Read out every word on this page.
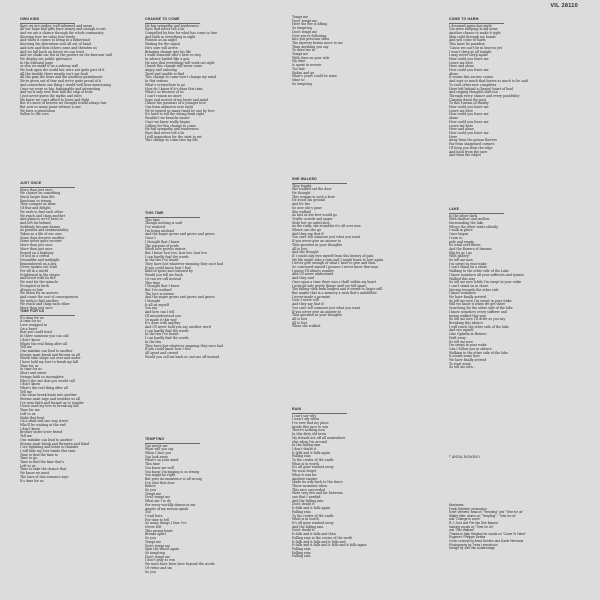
VIL 28110
OWN KIND
Boys we are gather, well informed and mean
All our hope and gifts have money and enough to eat
And we are a chance through the whole community
Showing how we value how lovely
And when it comes to living in a fatherland
Knowing the aberration sent all out of hand
And now and then others come and threaten us
And we fall back on forces we can trust
And we shake our fist at the posters on the barroom wall
We display our public grievance
In the editorial page
or else we make it on a subway wall
We look upon the world but were not quite part of it
All the trouble there merely isn't our fault
All the pain the tears and the needless punishment
We're given out of fear and we're quite proud of it
And somewhere one thing I would well hear mentioning
Once we were so big, fashionable and interesting
And we'd only ever now half the ship of fools
I just never guess the myths and rules
We knew we can't afford to leave and fight
But it's more of heaven we thought would always last
But now so many pains without a war
We have a generation
Sullen to the core
JUST ONCE
More than just once
We chance on something
Much larger than life
Emotions so strong
They conquer as mine
Of fear and delight
We seek to find each other
We reach and clasp another
And glances we're been to
And left far behind
Suddenly become homes
As passion and sentimentality
Taken as a life of our own
Some days deserve another
Some never quite recover
More than just once
More than just once
Passed on a highway
Or lost in a crowd
Dreamlike and midnight
Remembered on a day
Never spoken out loud
For off in a world
Frightened in the stages
And loved with its fire
We wait for the miracle
Prompted at birth
Always so late
We listen for an answer
And count the cost of consequences
We seek to find another
We reach and clasp each other
More than just once
TIME FOR US
It's time for us
A time for us
Love wrapped in
On a heart
that you could trust
In there someone you can call
I don't know
Whats the real thing after all
Tell me
One mistake can lead to another
Storms must break and thrown us all
Words take shape out over and under
I have held my love to break my fall
Time for us
In time for us
Short and sweet
Swings faith so incomplete
Who's the one that you would call
I don't know
What's the real thing after all
Tell me
One clean break leads into another
Storms must rage and weather us all
I've seen faith and leaned on to wonder
I have used my love to break my fall
Time for me
Left to us
Wake that beat
On a dead end one way street
Who'll be waiting at the end
I don't know
Brother sister lover friend
Tell me
One mistake can lead to another
Storms must break and threaten and blind
I see lightning and listen to thunder
I will hide my love inside this time
Time to find the time to
Time to go
Time to find the time that's
Left to us
Time to take the chance that
We know we must
The laws of this romance says
It's time for us
CHANGE TO COME
He has sympathy and tenderness
Eyes that never tell a lie
Compelled by fear for what has come to lose
And faith in everything in sight
Passion as an angel
Waiting for the signal
He's sure will arrive
Bringing change into his life
I want someone who's here to stay
In silence loaded like a gun
He says that everything will work out right
I know this change will never come
Angry and unloving
Tired and unable to find
This change to come won't change my mind
In this serious
What's everywhere to go
How do I know if it's done this time
What's so because of us
I can't reason no more
hope and sorrow of my heart and mind
I know the passions of a younger love
Can burn unknown ever right
We're turned so many times by one by love
It's hard to tell the wrong from right
Wouldn't we breathe easier
Once we knew really began
Calling for this change to come
He has sympathy and tenderness
Eyes that never tell a lie
I will inquisition for the start to set
This change to come into my life
THIS TIME
This time
Though nothing is said
I've realized
I'm being mislead
And the anger grows and grows and grows
Once I
I thought that I knew
The purpose of pride
When love proves untrue
But I know how low, how low, how low
I can hardly find the words
In the lies I've heard
They have lost whatever meaning they once had
If you could know how I feel
Kind of spent and tortured by
Would you tell me back
Or can we call instead
This time
I thought that I knew
But I've realized
The love is untrue
And the anger grows and grows and grows
I thought
It all on myself
You say
And how can I tell
I'll misunderstood you
Or made it this way
It's done with anyway
And I'll never hold you say another word
I can hardly find the words
In the lies I've heard
I can hardly find the words
In the lies
They have lost whatever meaning they once had
If you could know how I feel
All spent and cursed
Would you call me back or cast me off instead
TEMPTING
You watch me
What will you say
When I face you
You look away
What's on your mind
This time
You know me well
You know I'm singing is so strong
You might be right
But your inconsistence is all wrong
I've shut that door
Before
So you
Tempt me
Don't tempt me
What am I to do
For every worldly demon in me
Angels of my reason speak
Too
I wait here
For time to tell
So many things I fear I've
Never felt
This racing heart
Breaks apart
So you
Tempt me
Don't tempt me
Spin the wheel again
So tempting
Don't tempt me
I don't pray to win
We must have been here beyond the words
Of virtue and sin
So you
Tempt me
Don't tempt me
Here the fire is lifting
So tempting
Don't tempt me
Now you're following
Into you precious skies
The mystery brains more to me
Than anything you say
To draw me in
Tempt me
With done on your side
My time
Is spent in reverie
Too late
Stolen and go
What's yours could be mine
Mine to
So tempting
SHE WALKED
They fought
She walked out the door
He thought
This woman is such a bore
He stood his ground
And let her
So now she's gone
She walked
As fast as her feet would go
Traffic crowds and anger
Stole her go awful slow
As the rainy, she stumbles it's all over now
Where can she go
And they say that if
You can't tell someone just what you want
If you never give an answer to
That question in your thoughts
All is lost
And she thought
If I could only free myself from this history of pain
My life might take a turn and I might learn to love again
I never give enough of what I have to give and then
So convinced myself I possess I never knew that man
I guess I'll always wonder
And I'll never understand
And they said
Once upon a time there was a thrill within my heart
I noticed only pretty things until we fell apart
The falling rush from longest and it seems to linger still
But maybe that is a memory a wish that's unfulfilled
I never made a promise
Now I never will
And they say that if
You can't tell someone just what you want
If you never give an answer to
That question in your thoughts
All is lost
All is lost
When she walked
RAIN
I can't say why
I won't say when
I've ever find my place
Inside this race to win
There's nothing now
In this dirty old town
My friends are off all somewhere
else when I'm around
In the falling rain
I don't doubt it
It falls and it falls again
Falling rain
To the center of the earth
What is in worth
It's all gone washed away
We soon forget
What it was for
Another empire
Made its way back to the shore
Those moments when
This race succeeded
Were very few and far between
one that I needed
And the falling rain
Don't doubt it
It falls and it falls again
Falling rain
To the center of the earth
What is in worth
It's all gone washed away
And the falling rain
Don't doubt it
It falls and it falls and then
Falling rain in the center of the earth
It falls and it falls and it falls and
It falls and it falls and it falls and it falls again
Falling rain
Falling rain
Falling rain
COME TO HARM
I dreamed again last night
You were sleeping in my arms
Another chance to make it right
Skin right through my hands
And you come to harm
This must be paradise
'Cause we can't be in heaven yet
I won't sleep at all tonight
I may never sleep again
How could you leave me
Leave me here
Here and alone
How could you leave me
Alone
It seems this sorrow comes
And says so much that leaves so much to be said
To each other now completes
Here left behind a (heavy) heart of lead
And ringing thoughts that run
Through every chance and every possibility
Chasing down the past
To this curtain of finality
How could you leave me
Leave me here
How could you leave me
Alone
How could you leave me
Leave me here
Here and alone
How could you leave me
Here
Away from the poison flowers
Far from sharpened corners
I'll keep you from the edge
And back from the jaws
And from the edges
LAKE
In the silver dark
With shallow and mellow
Surrounding the lake
Where the silver waits silently
I walk in place
Once began
I turn to
pale and empty
So wind over blows
And the flowers of dreams
Slip by as I go
With gallery
So tell me now
I'm swept in your wake
I can't stand on a shore
Walking to the other side of the Lake
I know somehow all your sufferers and tyrants
Walked this way
So tell me now while I'm swept in your wake
I can't stand on in shore
Moving towards the other side
I know somehow
We have finally arrived
So tell me now I'm swept in your wake
Will we know it when we get there
Searching for the other side of the lake
I know somehow every sufferer and
tyrant walked this way
So tell me now I'll drive as you say
Breaking this silence
I will reach the other side of the lake
And see myself
Like Ophelia in flowers
Drift away
So tell me now
I'm swept in your wake
Can I follow you in silence
Walking to the other side of the lake
It seems some how
We have finally arrived
To start away
So tell me now...
* ANNA DOMINO
Musicians:
Frank Michiels: percussion
Evert Verhees: bass on "Tempting" and "Time for us"
Walter Meir: drums on "Tempting", "Time for us"
and "Change to come"
R.J. Sool and Pat Van Den Maand:
backing vocals on "Time for Us"
and "She Walked"
Thanks to Alan Rankine for vocals on "Come To Harm"
Engineer: Philippe Debba
Cover concept by Anna Domino and Danie Hermans
Photography by Trees Lemschoon
Design by Joël Van Audenhaege
